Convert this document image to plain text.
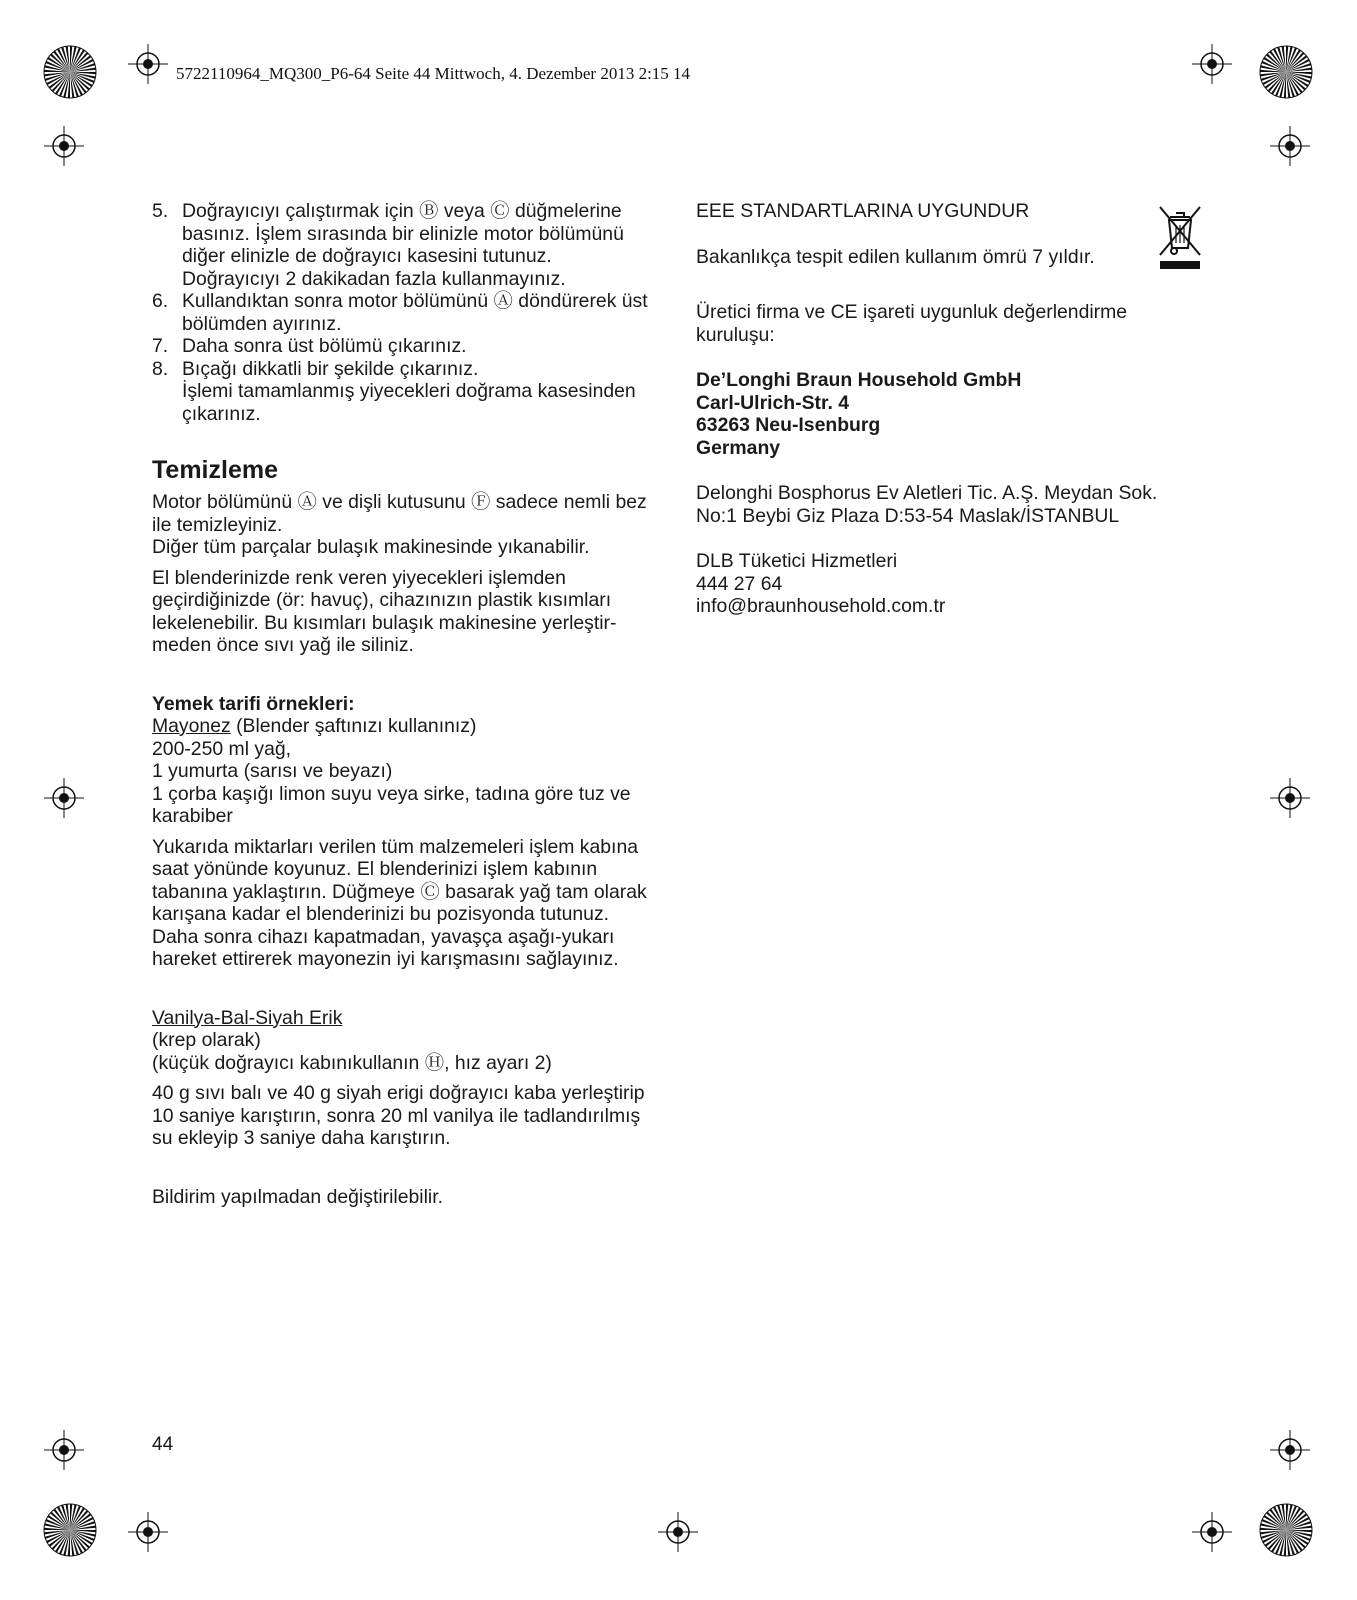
5722110964_MQ300_P6-64 Seite 44 Mittwoch, 4. Dezember 2013 2:15 14
5. Doğrayıcıyı çalıştırmak için Ⓑ veya Ⓒ düğmelerine
basınız. İşlem sırasında bir elinizle motor bölümünü
diğer elinizle de doğrayıcı kasesini tutunuz.
Doğrayıcıyı 2 dakikadan fazla kullanmayınız.
6. Kullandıktan sonra motor bölümünü Ⓐ döndürerek üst
bölümden ayırınız.
7. Daha sonra üst bölümü çıkarınız.
8. Bıçağı dikkatli bir şekilde çıkarınız.
İşlemi tamamlanmış yiyecekleri doğrama kasesinden
çıkarınız.
Temizleme

Motor bölümünü Ⓐ ve dişli kutusunu Ⓕ sadece nemli bez
ile temizleyiniz.
Diğer tüm parçalar bulaşık makinesinde yıkanabilir.

El blenderinizde renk veren yiyecekleri işlemden
geçirdiğinizde (ör: havuç), cihazınızın plastik kısımları
lekelenebilir. Bu kısımları bulaşık makinesine yerleştir-
meden önce sıvı yağ ile siliniz.

Yemek tarifi örnekleri:

Mayonez (Blender şaftınızı kullanınız)

200-250 ml yağ,
1 yumurta (sarısı ve beyazı)
1 çorba kaşığı limon suyu veya sirke, tadına göre tuz ve
karabiber

Yukarıda miktarları verilen tüm malzemeleri işlem kabına
saat yönünde koyunuz. El blenderinizi işlem kabının
tabanına yaklaştırın. Düğmeye Ⓒ basarak yağ tam olarak
karışana kadar el blenderinizi bu pozisyonda tutunuz.
Daha sonra cihazı kapatmadan, yavaşça aşağı-yukarı
hareket ettirerek mayonezin iyi karışmasını sağlayınız.

Vanilya-Bal-Siyah Erik

(krep olarak)
(küçük doğrayıcı kabınıkullanın Ⓗ, hız ayarı 2)

40 g sıvı balı ve 40 g siyah erigi doğrayıcı kaba yerleştirip
10 saniye karıştırın, sonra 20 ml vanilya ile tadlandırılmış
su ekleyip 3 saniye daha karıştırın.

Bildirim yapılmadan değiştirilebilir.

EEE STANDARTLARINA UYGUNDUR

Bakanlıkça tespit edilen kullanım ömrü 7 yıldır.

Üretici firma ve CE işareti uygunluk değerlendirme
kuruluşu:

De’Longhi Braun Household GmbH
Carl-Ulrich-Str. 4
63263 Neu-Isenburg
Germany

Delonghi Bosphorus Ev Aletleri Tic. A.Ş. Meydan Sok.
No:1 Beybi Giz Plaza D:53-54 Maslak/İSTANBUL

DLB Tüketici Hizmetleri
444 27 64
info@braunhousehold.com.tr

44
